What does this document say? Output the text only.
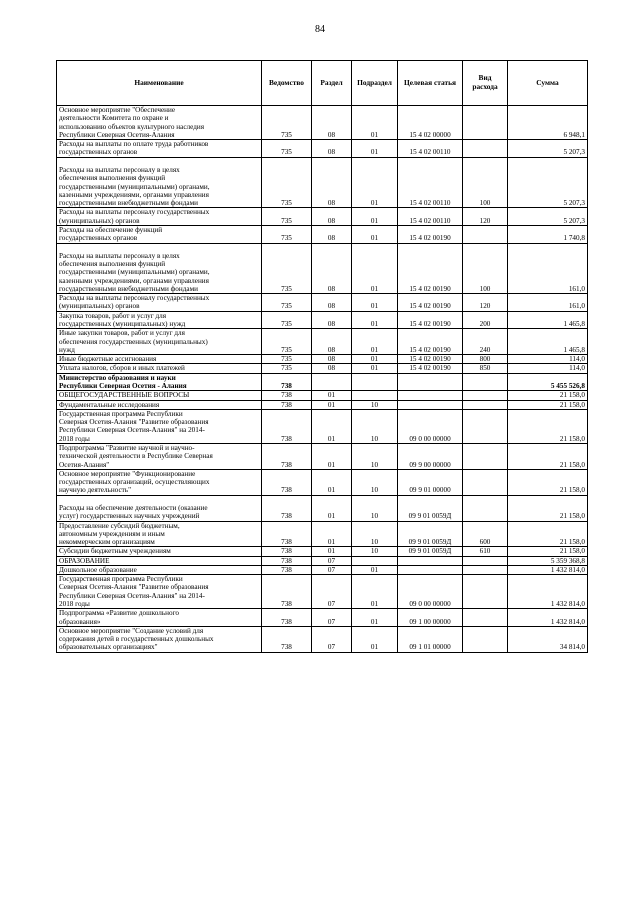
84
Наименование	Ведомство	Раздел	Подраздел	Целевая статья	Вид расхода	Сумма
Основное мероприятие "Обеспечение
деятельности Комитета по охране и
использованию объектов культурного наследия
Республики Северная Осетия-Алания	735	08	01	15 4 02 00000		6 948,1
Расходы на выплаты по оплате труда работников
государственных органов	735	08	01	15 4 02 00110		5 207,3

Расходы на выплаты персоналу в целях
обеспечения выполнения функций
государственными (муниципальными) органами,
казенными учреждениями, органами управления
государственными внебюджетными фондами	735	08	01	15 4 02 00110	100	5 207,3
Расходы на выплаты персоналу государственных
(муниципальных) органов	735	08	01	15 4 02 00110	120	5 207,3
Расходы на обеспечение функций
государственных органов	735	08	01	15 4 02 00190		1 740,8

Расходы на выплаты персоналу в целях
обеспечения выполнения функций
государственными (муниципальными) органами,
казенными учреждениями, органами управления
государственными внебюджетными фондами	735	08	01	15 4 02 00190	100	161,0
Расходы на выплаты персоналу государственных
(муниципальных) органов	735	08	01	15 4 02 00190	120	161,0
Закупка товаров, работ и услуг для
государственных (муниципальных) нужд	735	08	01	15 4 02 00190	200	1 465,8
Иные закупки товаров, работ и услуг для
обеспечения государственных (муниципальных)
нужд	735	08	01	15 4 02 00190	240	1 465,8
Иные бюджетные ассигнования	735	08	01	15 4 02 00190	800	114,0
Уплата налогов, сборов и иных платежей	735	08	01	15 4 02 00190	850	114,0
Министерство образования и науки
Республики Северная Осетия - Алания	738					5 455 526,8
ОБЩЕГОСУДАРСТВЕННЫЕ ВОПРОСЫ	738	01				21 158,0
Фундаментальные исследования	738	01	10			21 158,0
Государственная программа Республики
Северная Осетия-Алания "Развитие образования
Республики Северная Осетия-Алания" на 2014-
2018 годы	738	01	10	09 0 00 00000		21 158,0
Подпрограмма "Развитие научной и научно-
технической деятельности в Республике Северная
Осетия-Алания"	738	01	10	09 9 00 00000		21 158,0
Основное мероприятие "Функционирование
государственных организаций, осуществляющих
научную деятельность"	738	01	10	09 9 01 00000		21 158,0

Расходы на обеспечение деятельности (оказание
услуг) государственных научных учреждений	738	01	10	09 9 01 0059Д		21 158,0
Предоставление субсидий бюджетным,
автономным учреждениям и иным
некоммерческим организациям	738	01	10	09 9 01 0059Д	600	21 158,0
Субсидии бюджетным учреждениям	738	01	10	09 9 01 0059Д	610	21 158,0
ОБРАЗОВАНИЕ	738	07				5 359 368,8
Дошкольное образование	738	07	01			1 432 814,0
Государственная программа Республики
Северная Осетия-Алания "Развитие образования
Республики Северная Осетия-Алания" на 2014-
2018 годы	738	07	01	09 0 00 00000		1 432 814,0
Подпрограмма «Развитие дошкольного
образования»	738	07	01	09 1 00 00000		1 432 814,0
Основное мероприятие "Создание условий для
содержания детей в государственных дошкольных
образовательных организациях"	738	07	01	09 1 01 00000		34 814,0
